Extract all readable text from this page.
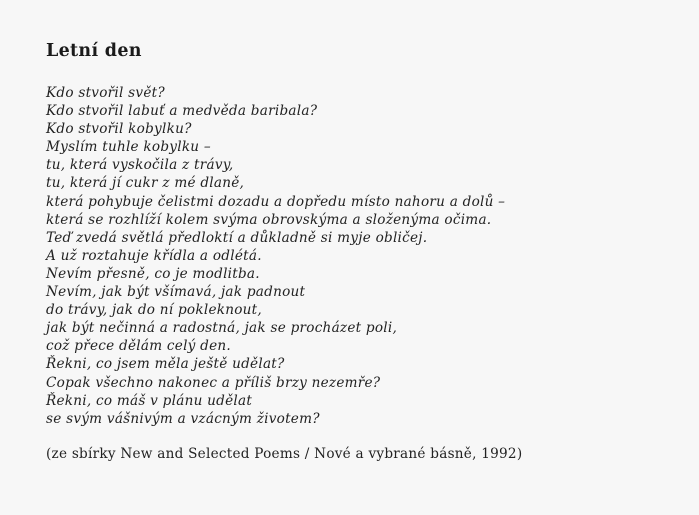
Letní den
Kdo stvořil svět?
Kdo stvořil labuť a medvěda baribala?
Kdo stvořil kobylku?
Myslím tuhle kobylku –
tu, která vyskočila z trávy,
tu, která jí cukr z mé dlaně,
která pohybuje čelistmi dozadu a dopředu místo nahoru a dolů –
která se rozhlíží kolem svýma obrovskýma a složenýma očima.
Teď zvedá světlá předloktí a důkladně si myje obličej.
A už roztahuje křídla a odlétá.
Nevím přesně, co je modlitba.
Nevím, jak být všímavá, jak padnout
do trávy, jak do ní pokleknout,
jak být nečinná a radostná, jak se procházet poli,
což přece dělám celý den.
Řekni, co jsem měla ještě udělat?
Copak všechno nakonec a příliš brzy nezemře?
Řekni, co máš v plánu udělat
se svým vášnivým a vzácným životem?
(ze sbírky New and Selected Poems / Nové a vybrané básně, 1992)
